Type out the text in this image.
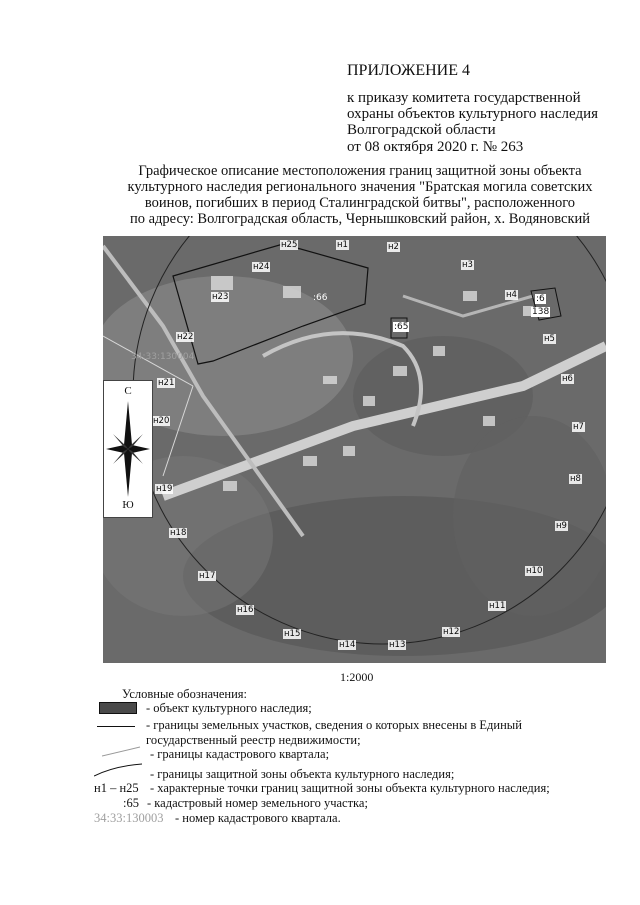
ПРИЛОЖЕНИЕ 4
к приказу комитета государственной
охраны объектов культурного наследия
Волгоградской области
от 08 октября 2020 г. № 263
Графическое описание местоположения границ защитной зоны объекта
культурного наследия регионального значения "Братская могила советских
воинов, погибших в период Сталинградской битвы", расположенного
по адресу: Волгоградская область, Чернышковский район, х. Водяновский
н1	н2
н3
н4
н5
н6
н7
н8
н9
н10
н11
н12
н13
н14
н15
н16
н17
н18
н19
н20
н21
н22
н23
н24
н25
:66
:65
:6
138
34:33:130004
С
Ю
1:2000
Условные обозначения:
- объект культурного наследия;
- границы земельных участков, сведения о которых внесены в Единый
государственный реестр недвижимости;
- границы кадастрового квартала;
- границы защитной зоны объекта культурного наследия;
н1 – н25 - характерные точки границ защитной зоны объекта культурного наследия;
:65 - кадастровый номер земельного участка;
34:33:130003 - номер кадастрового квартала.
